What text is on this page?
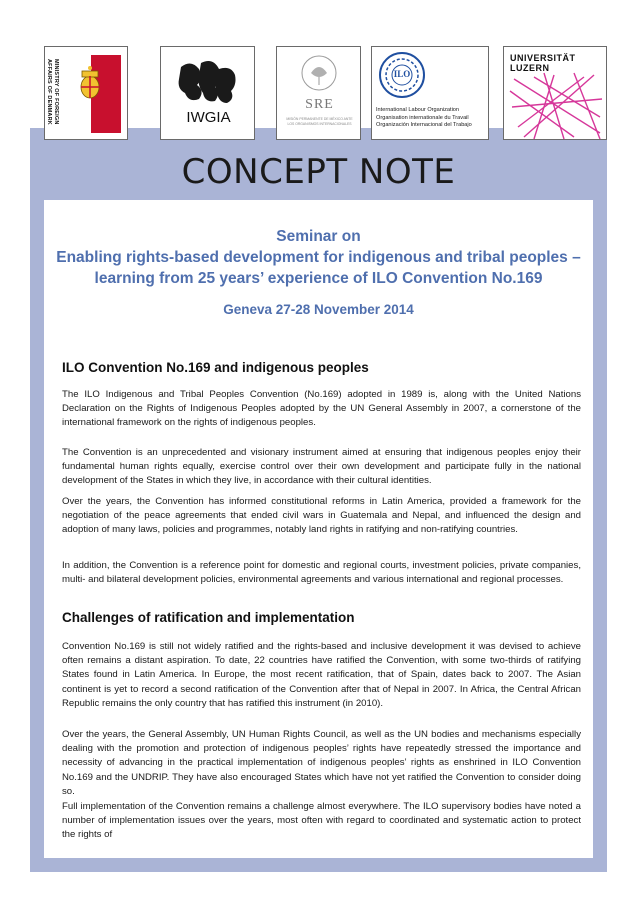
MINISTRY OF FOREIGN AFFAIRS OF DENMARK	IWGIA
SRE
MISIÓN PERMANENTE DE MÉXICO ANTE LOS ORGANISMOS INTERNACIONALES
ILO
International Labour Organization
Organisation internationale du Travail
Organización Internacional del Trabajo
UNIVERSITÄT
LUZERN
CONCEPT NOTE
Seminar on
Enabling rights-based development for indigenous and tribal peoples –
learning from 25 years’ experience of ILO Convention No.169
Geneva 27-28 November 2014
ILO Convention No.169 and indigenous peoples

The ILO Indigenous and Tribal Peoples Convention (No.169) adopted in 1989 is, along with the United Nations Declaration on the Rights of Indigenous Peoples adopted by the UN General Assembly in 2007, a cornerstone of the international framework on the rights of indigenous peoples.

The Convention is an unprecedented and visionary instrument aimed at ensuring that indigenous peoples enjoy their fundamental human rights equally, exercise control over their own development and participate fully in the national development of the States in which they live, in accordance with their cultural identities.

Over the years, the Convention has informed constitutional reforms in Latin America, provided a framework for the negotiation of the peace agreements that ended civil wars in Guatemala and Nepal, and influenced the design and adoption of many laws, policies and programmes, notably land rights in ratifying and non-ratifying countries.

In addition, the Convention is a reference point for domestic and regional courts, investment policies, private companies, multi- and bilateral development policies, environmental agreements and various international and regional processes.

Challenges of ratification and implementation

Convention No.169 is still not widely ratified and the rights-based and inclusive development it was devised to achieve often remains a distant aspiration. To date, 22 countries have ratified the Convention, with some two-thirds of ratifying States found in Latin America. In Europe, the most recent ratification, that of Spain, dates back to 2007. The Asian continent is yet to record a second ratification of the Convention after that of Nepal in 2007. In Africa, the Central African Republic remains the only country that has ratified this instrument (in 2010).

Over the years, the General Assembly, UN Human Rights Council, as well as the UN bodies and mechanisms especially dealing with the promotion and protection of indigenous peoples’ rights have repeatedly stressed the importance and necessity of advancing in the practical implementation of indigenous peoples’ rights as enshrined in ILO Convention No.169 and the UNDRIP. They have also encouraged States which have not yet ratified the Convention to consider doing so.

Full implementation of the Convention remains a challenge almost everywhere. The ILO supervisory bodies have noted a number of implementation issues over the years, most often with regard to coordinated and systematic action to protect the rights of
